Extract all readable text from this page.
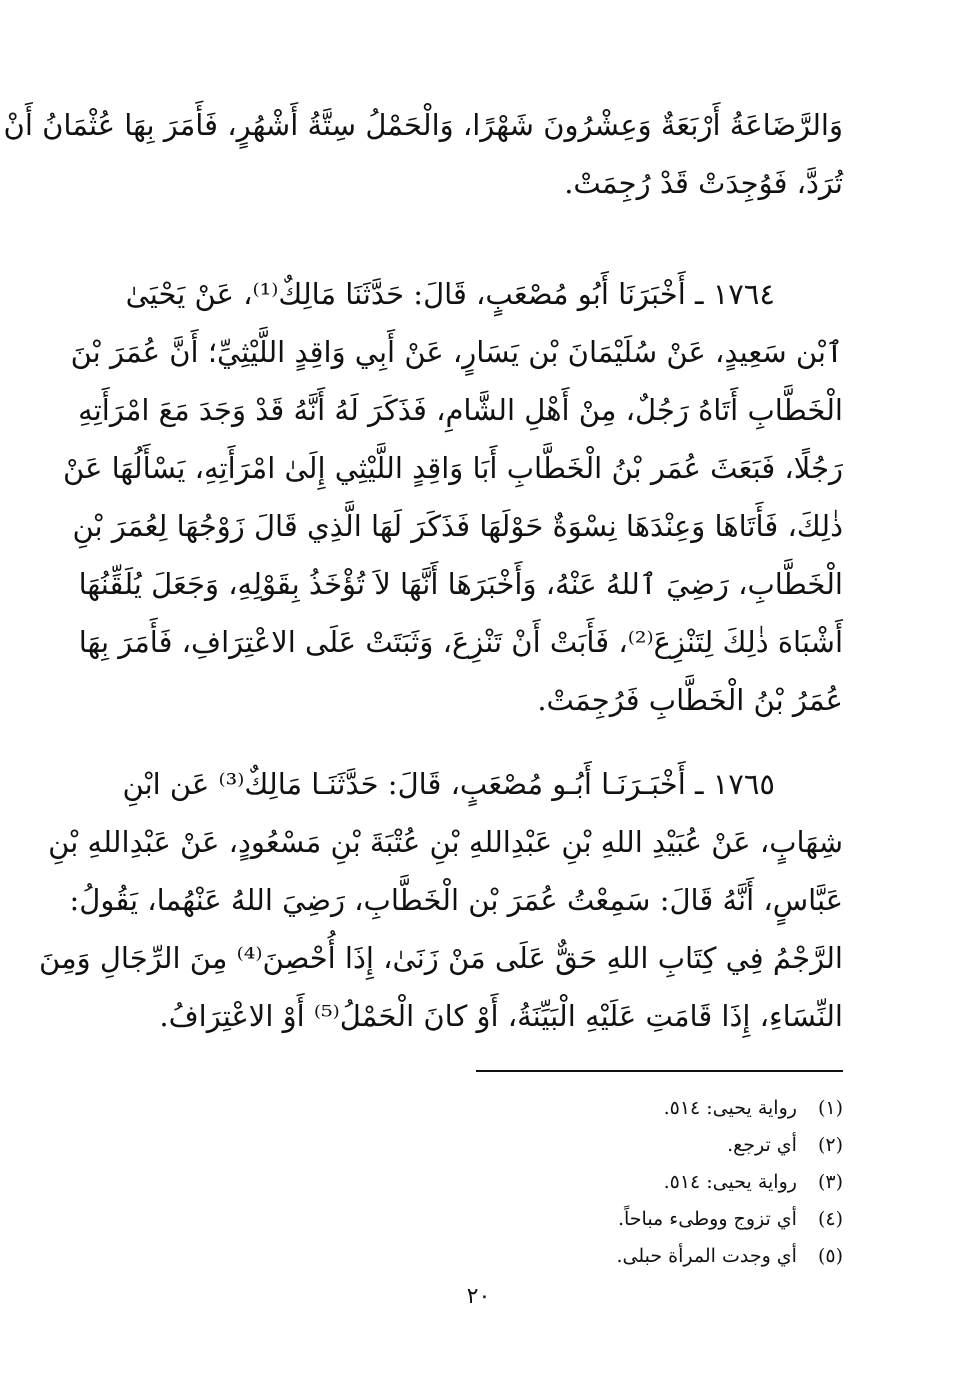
وَالرَّضَاعَةُ أَرْبَعَةٌ وَعِشْرُونَ شَهْرًا، وَالْحَمْلُ سِتَّةُ أَشْهُرٍ، فَأَمَرَ بِهَا عُثْمَانُ أَنْ
تُرَدَّ، فَوُجِدَتْ قَدْ رُجِمَتْ.
١٧٦٤ ـ أَخْبَرَنَا أَبُو مُصْعَبٍ، قَالَ: حَدَّثَنَا مَالِكٌ⁽¹⁾، عَنْ يَحْيَىٰ
ٱبْن سَعِيدٍ، عَنْ سُلَيْمَانَ بْن يَسَارٍ، عَنْ أَبِي وَاقِدٍ اللَّيْثِيِّ؛ أَنَّ عُمَرَ بْنَ
الْخَطَّابِ أَتَاهُ رَجُلٌ، مِنْ أَهْلِ الشَّامِ، فَذَكَرَ لَهُ أَنَّهُ قَدْ وَجَدَ مَعَ امْرَأَتِهِ
رَجُلًا، فَبَعَثَ عُمَر بْنُ الْخَطَّابِ أَبَا وَاقِدٍ اللَّيْثِي إِلَىٰ امْرَأَتِهِ، يَسْأَلُهَا عَنْ
ذٰلِكَ، فَأَتَاهَا وَعِنْدَهَا نِسْوَةٌ حَوْلَهَا فَذَكَرَ لَهَا الَّذِي قَالَ زَوْجُهَا لِعُمَرَ بْنِ
الْخَطَّابِ، رَضِيَ ٱللهُ عَنْهُ، وَأَخْبَرَهَا أَنَّهَا لاَ تُؤْخَذُ بِقَوْلِهِ، وَجَعَلَ يُلَقِّنُهَا
أَشْبَاهَ ذٰلِكَ لِتَنْزِعَ⁽²⁾، فَأَبَتْ أَنْ تَنْزِعَ، وَثَبَتَتْ عَلَى الاعْتِرَافِ، فَأَمَرَ بِهَا
عُمَرُ بْنُ الْخَطَّابِ فَرُجِمَتْ.
١٧٦٥ ـ أَخْبَـرَنَـا أَبُـو مُصْعَبٍ، قَالَ: حَدَّثَنَـا مَالِكٌ⁽³⁾ عَن ابْنِ
شِهَابٍ، عَنْ عُبَيْدِ اللهِ بْنِ عَبْدِاللهِ بْنِ عُتْبَةَ بْنِ مَسْعُودٍ، عَنْ عَبْدِاللهِ بْنِ
عَبَّاسٍ، أَنَّهُ قَالَ: سَمِعْتُ عُمَرَ بْن الْخَطَّابِ، رَضِيَ اللهُ عَنْهُما، يَقُولُ:
الرَّجْمُ فِي كِتَابِ اللهِ حَقٌّ عَلَى مَنْ زَنَىٰ، إِذَا أُحْصِنَ⁽⁴⁾ مِنَ الرِّجَالِ وَمِنَ
النِّسَاءِ، إِذَا قَامَتِ عَلَيْهِ الْبَيِّنَةُ، أَوْ كانَ الْحَمْلُ⁽⁵⁾ أَوْ الاعْتِرَافُ.
(١) رواية يحيى: ٥١٤.
(٢) أي ترجع.
(٣) رواية يحيى: ٥١٤.
(٤) أي تزوج ووطىء مباحاً.
(٥) أي وجدت المرأة حبلى.
٢٠
